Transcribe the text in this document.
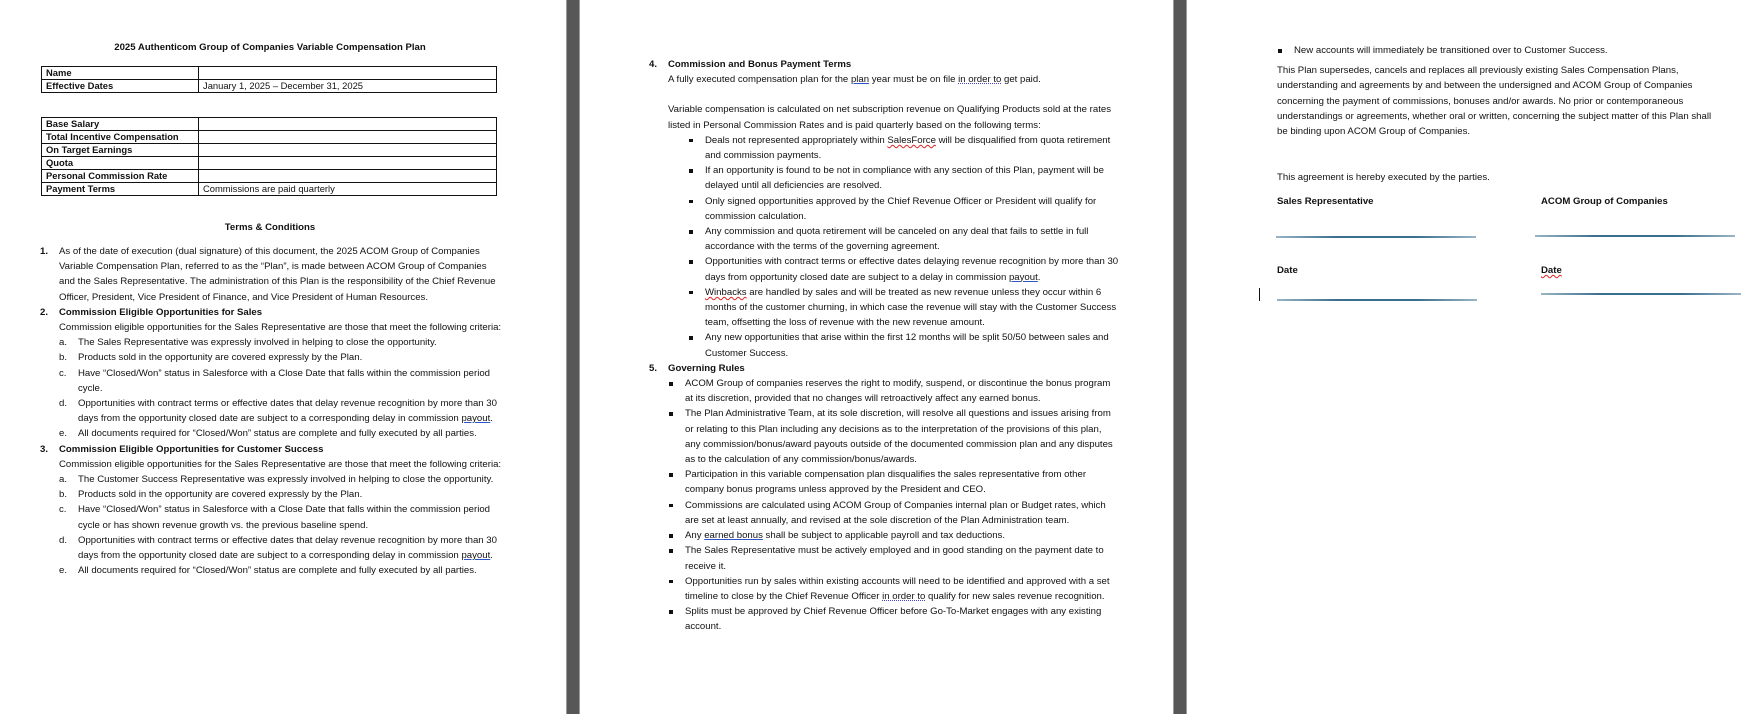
2025 Authenticom Group of Companies Variable Compensation Plan
Name	
Effective Dates	January 1, 2025 – December 31, 2025
Base Salary	
Total Incentive Compensation	
On Target Earnings	
Quota	
Personal Commission Rate	
Payment Terms	Commissions are paid quarterly
Terms & Conditions
1. As of the date of execution (dual signature) of this document, the 2025 ACOM Group of Companies Variable Compensation Plan, referred to as the “Plan”, is made between ACOM Group of Companies and the Sales Representative. The administration of this Plan is the responsibility of the Chief Revenue Officer, President, Vice President of Finance, and Vice President of Human Resources.
2. Commission Eligible Opportunities for Sales
Commission eligible opportunities for the Sales Representative are those that meet the following criteria:
a. The Sales Representative was expressly involved in helping to close the opportunity.
b. Products sold in the opportunity are covered expressly by the Plan.
c. Have “Closed/Won” status in Salesforce with a Close Date that falls within the commission period cycle.
d. Opportunities with contract terms or effective dates that delay revenue recognition by more than 30 days from the opportunity closed date are subject to a corresponding delay in commission payout.
e. All documents required for “Closed/Won” status are complete and fully executed by all parties.
3. Commission Eligible Opportunities for Customer Success
Commission eligible opportunities for the Sales Representative are those that meet the following criteria:
a. The Customer Success Representative was expressly involved in helping to close the opportunity.
b. Products sold in the opportunity are covered expressly by the Plan.
c. Have “Closed/Won” status in Salesforce with a Close Date that falls within the commission period cycle or has shown revenue growth vs. the previous baseline spend.
d. Opportunities with contract terms or effective dates that delay revenue recognition by more than 30 days from the opportunity closed date are subject to a corresponding delay in commission payout.
e. All documents required for “Closed/Won” status are complete and fully executed by all parties.
4. Commission and Bonus Payment Terms
A fully executed compensation plan for the plan year must be on file in order to get paid.
Variable compensation is calculated on net subscription revenue on Qualifying Products sold at the rates listed in Personal Commission Rates and is paid quarterly based on the following terms:
Deals not represented appropriately within SalesForce will be disqualified from quota retirement and commission payments.
If an opportunity is found to be not in compliance with any section of this Plan, payment will be delayed until all deficiencies are resolved.
Only signed opportunities approved by the Chief Revenue Officer or President will qualify for commission calculation.
Any commission and quota retirement will be canceled on any deal that fails to settle in full accordance with the terms of the governing agreement.
Opportunities with contract terms or effective dates delaying revenue recognition by more than 30 days from opportunity closed date are subject to a delay in commission payout.
Winbacks are handled by sales and will be treated as new revenue unless they occur within 6 months of the customer churning, in which case the revenue will stay with the Customer Success team, offsetting the loss of revenue with the new revenue amount.
Any new opportunities that arise within the first 12 months will be split 50/50 between sales and Customer Success.
5. Governing Rules
ACOM Group of companies reserves the right to modify, suspend, or discontinue the bonus program at its discretion, provided that no changes will retroactively affect any earned bonus.
The Plan Administrative Team, at its sole discretion, will resolve all questions and issues arising from or relating to this Plan including any decisions as to the interpretation of the provisions of this plan, any commission/bonus/award payouts outside of the documented commission plan and any disputes as to the calculation of any commission/bonus/awards.
Participation in this variable compensation plan disqualifies the sales representative from other company bonus programs unless approved by the President and CEO.
Commissions are calculated using ACOM Group of Companies internal plan or Budget rates, which are set at least annually, and revised at the sole discretion of the Plan Administration team.
Any earned bonus shall be subject to applicable payroll and tax deductions.
The Sales Representative must be actively employed and in good standing on the payment date to receive it.
Opportunities run by sales within existing accounts will need to be identified and approved with a set timeline to close by the Chief Revenue Officer in order to qualify for new sales revenue recognition.
Splits must be approved by Chief Revenue Officer before Go-To-Market engages with any existing account.
New accounts will immediately be transitioned over to Customer Success.
This Plan supersedes, cancels and replaces all previously existing Sales Compensation Plans, understanding and agreements by and between the undersigned and ACOM Group of Companies concerning the payment of commissions, bonuses and/or awards. No prior or contemporaneous understandings or agreements, whether oral or written, concerning the subject matter of this Plan shall be binding upon ACOM Group of Companies.
This agreement is hereby executed by the parties.
Sales Representative	ACOM Group of Companies
Date	Date
